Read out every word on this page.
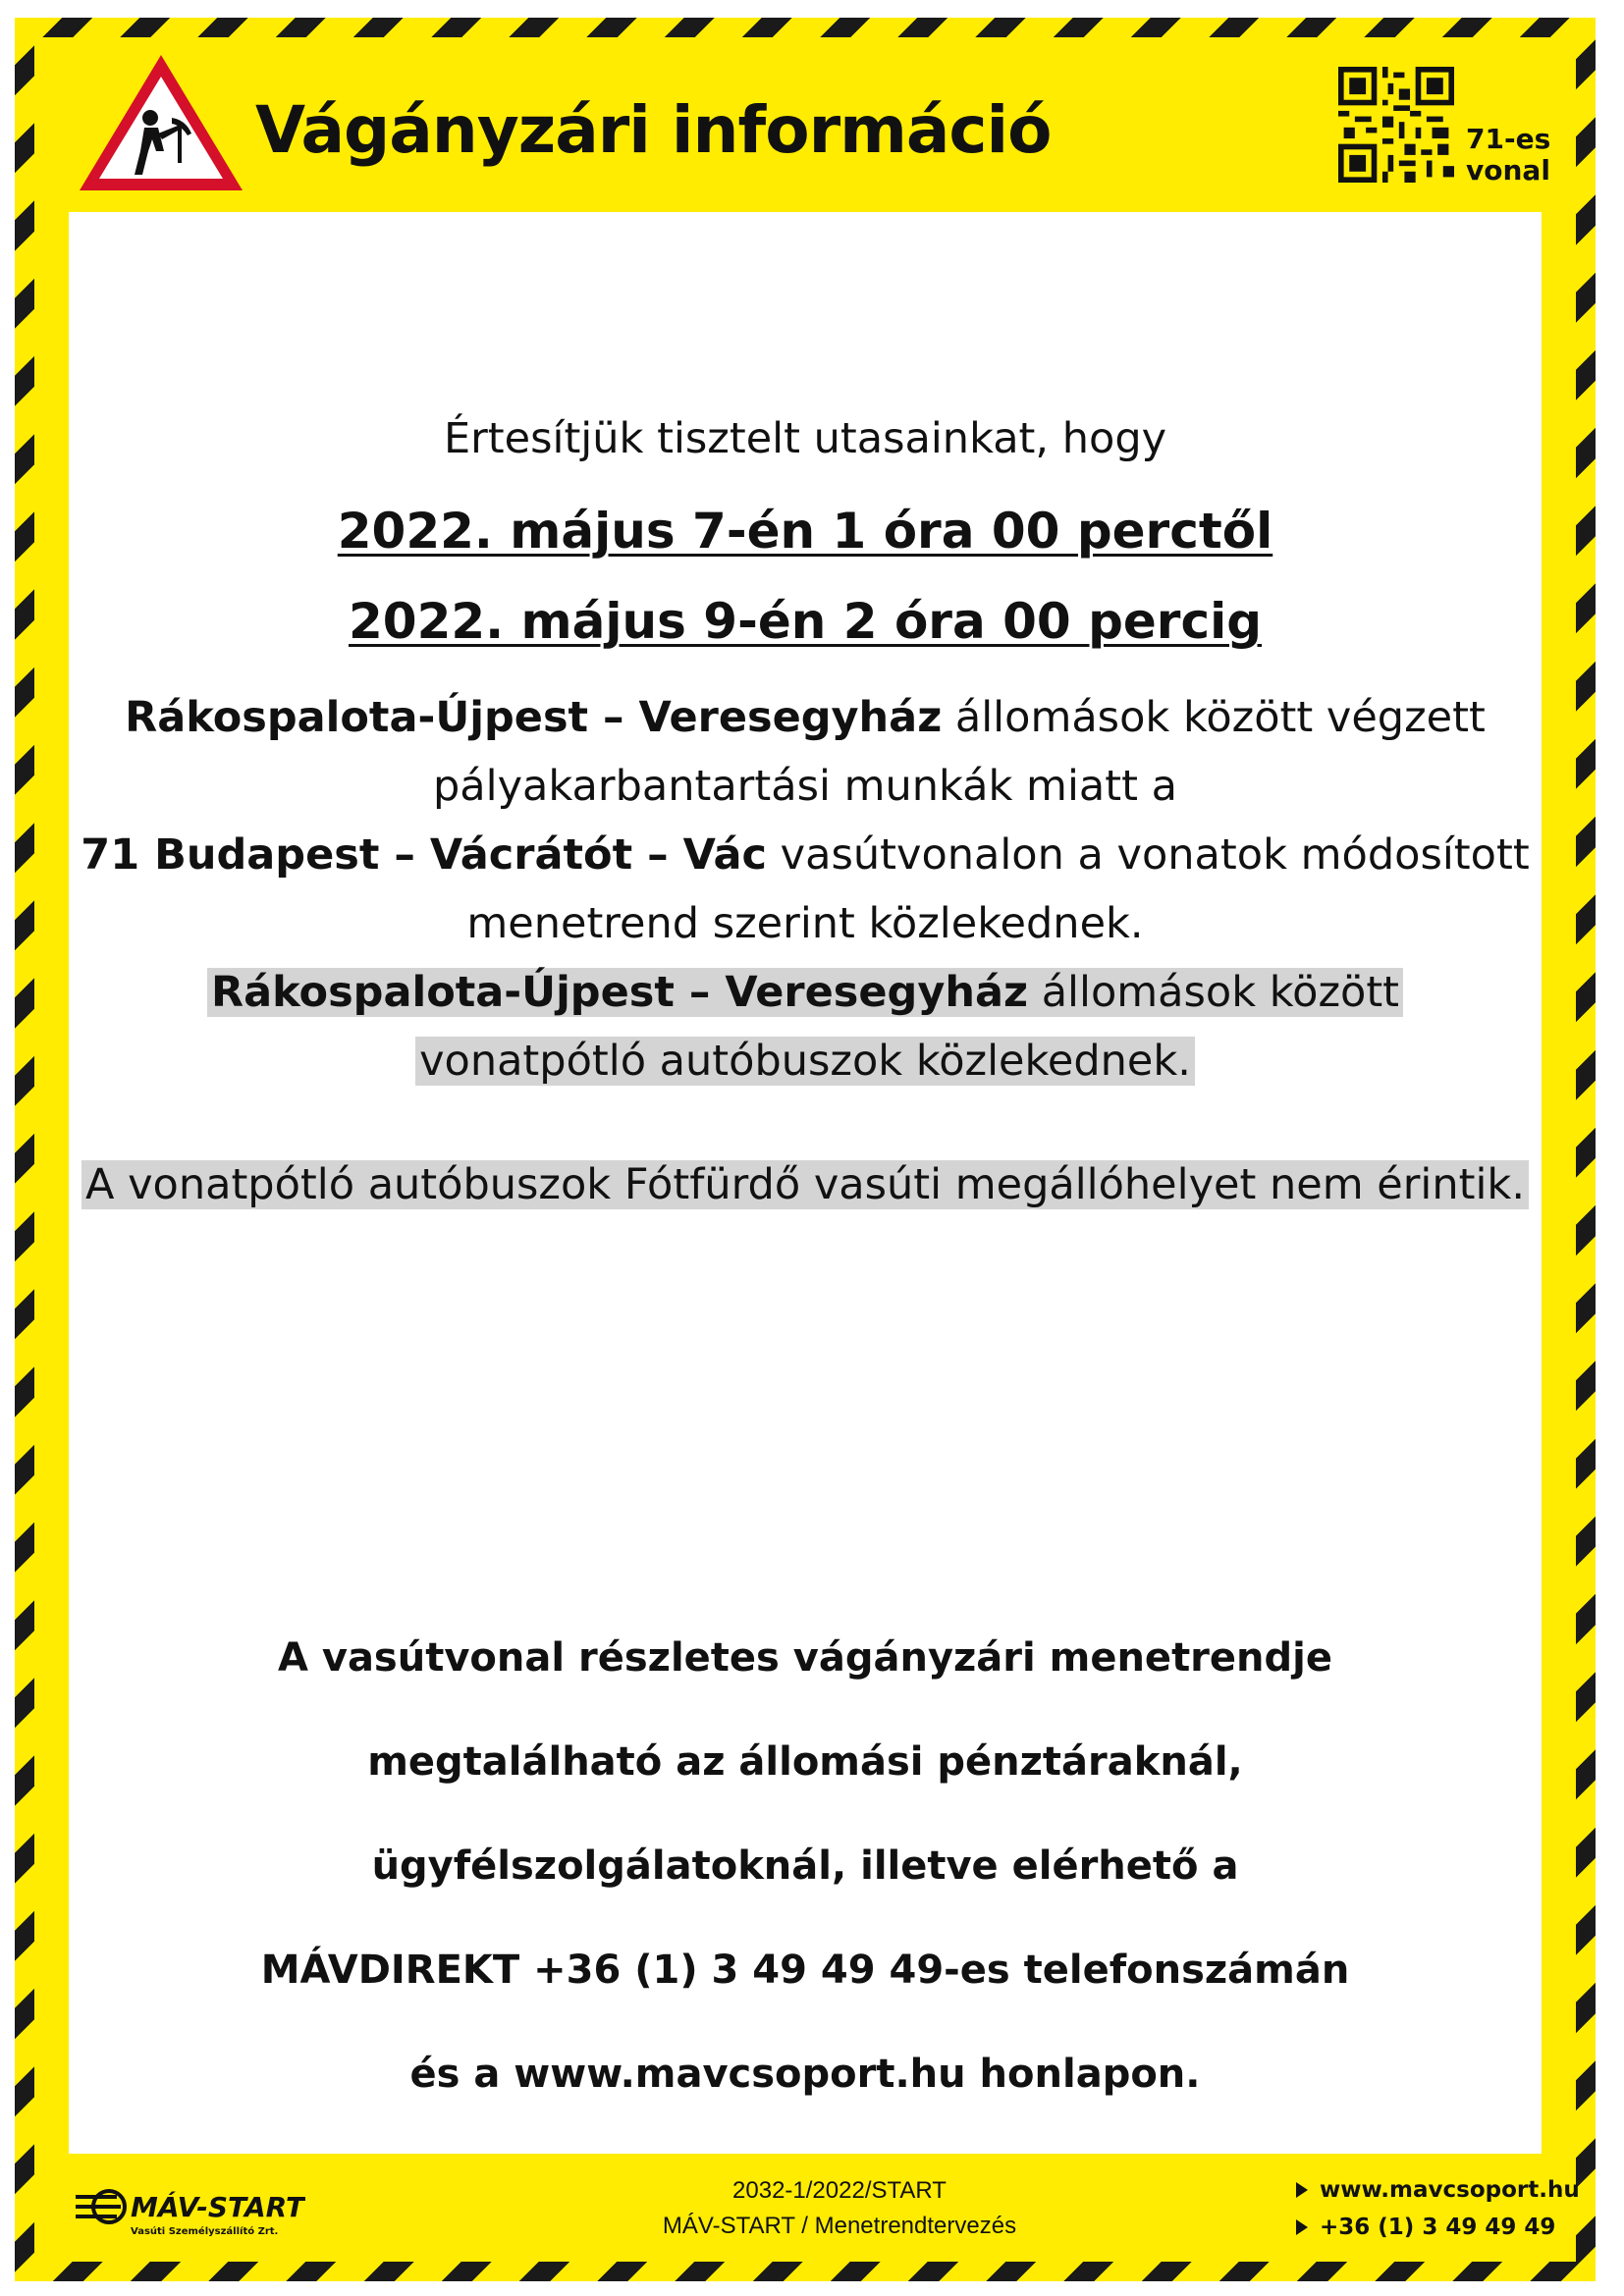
Vágányzári információ	71-es
vonal

Értesítjük tisztelt utasainkat, hogy

2022. május 7-én 1 óra 00 perctől

2022. május 9-én 2 óra 00 percig

Rákospalota-Újpest – Veresegyház állomások között végzett pályakarbantartási munkák miatt a
71 Budapest – Vácrátót – Vác vasútvonalon a vonatok módosított menetrend szerint közlekednek.
Rákospalota-Újpest – Veresegyház állomások között
vonatpótló autóbuszok közlekednek.

A vonatpótló autóbuszok Fótfürdő vasúti megállóhelyet nem érintik.

A vasútvonal részletes vágányzári menetrendje
megtalálható az állomási pénztáraknál,
ügyfélszolgálatoknál, illetve elérhető a
MÁVDIREKT +36 (1) 3 49 49 49-es telefonszámán
és a www.mavcsoport.hu honlapon.

MÁV-START
Vasúti Személyszállító Zrt.
2032-1/2022/START
MÁV-START / Menetrendtervezés
www.mavcsoport.hu
+36 (1) 3 49 49 49
